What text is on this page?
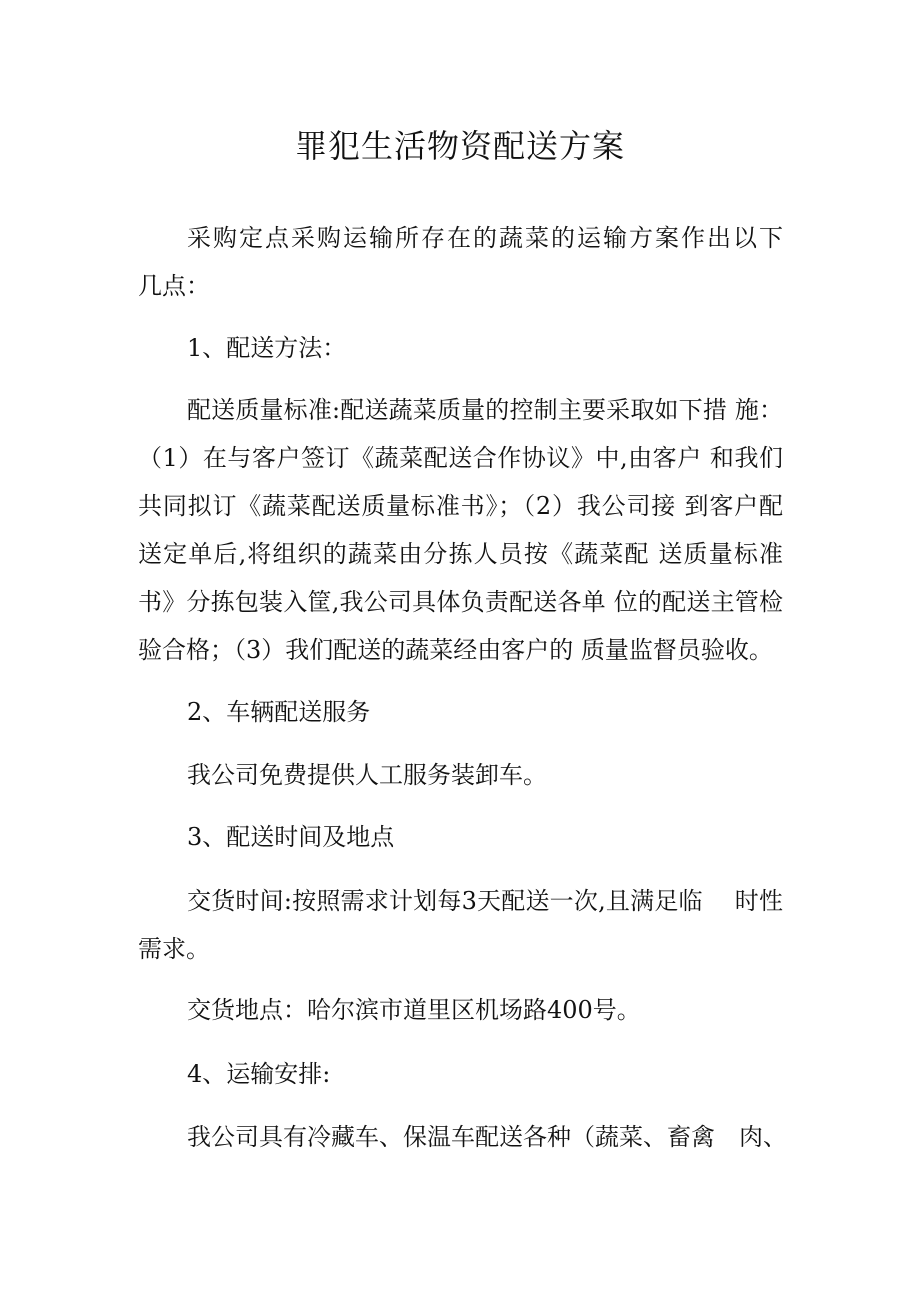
罪犯生活物资配送方案

采购定点采购运输所存在的蔬菜的运输方案作出以下　几点：

1、配送方法：

配送质量标准:配送蔬菜质量的控制主要采取如下措 施：（1）在与客户签订《蔬菜配送合作协议》中,由客户 和我们共同拟订《蔬菜配送质量标准书》；（2）我公司接 到客户配送定单后,将组织的蔬菜由分拣人员按《蔬菜配 送质量标准书》分拣包装入筐,我公司具体负责配送各单 位的配送主管检验合格；（3）我们配送的蔬菜经由客户的 质量监督员验收。

2、车辆配送服务

我公司免费提供人工服务装卸车。

3、配送时间及地点

交货时间:按照需求计划每3天配送一次,且满足临　 时性需求。

交货地点：哈尔滨市道里区机场路400号。

4、运输安排:

我公司具有冷藏车、保温车配送各种（蔬菜、畜禽　肉、
